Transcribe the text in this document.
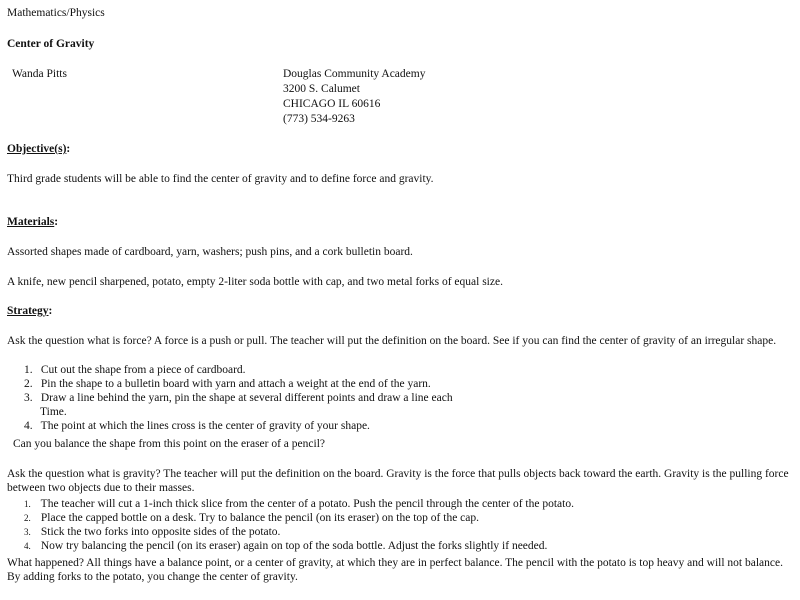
Mathematics/Physics
Center of Gravity
Wanda Pitts	Douglas Community Academy
3200 S. Calumet
CHICAGO IL 60616
(773) 534-9263
Objective(s):
Third grade students will be able to find the center of gravity and to define force and gravity.
Materials:
Assorted shapes made of cardboard, yarn, washers; push pins, and a cork bulletin board.
A knife, new pencil sharpened, potato, empty 2-liter soda bottle with cap, and two metal forks of equal size.
Strategy:
Ask the question what is force? A force is a push or pull. The teacher will put the definition on the board. See if you can find the center of gravity of an irregular shape.
1. Cut out the shape from a piece of cardboard.
2. Pin the shape to a bulletin board with yarn and attach a weight at the end of the yarn.
3. Draw a line behind the yarn, pin the shape at several different points and draw a line each
Time.
4. The point at which the lines cross is the center of gravity of your shape.
Can you balance the shape from this point on the eraser of a pencil?
Ask the question what is gravity? The teacher will put the definition on the board. Gravity is the force that pulls objects back toward the earth. Gravity is the pulling force between two objects due to their masses.
1. The teacher will cut a 1-inch thick slice from the center of a potato. Push the pencil through the center of the potato.
2. Place the capped bottle on a desk. Try to balance the pencil (on its eraser) on the top of the cap.
3. Stick the two forks into opposite sides of the potato.
4. Now try balancing the pencil (on its eraser) again on top of the soda bottle. Adjust the forks slightly if needed.
What happened? All things have a balance point, or a center of gravity, at which they are in perfect balance. The pencil with the potato is top heavy and will not balance. By adding forks to the potato, you change the center of gravity.
